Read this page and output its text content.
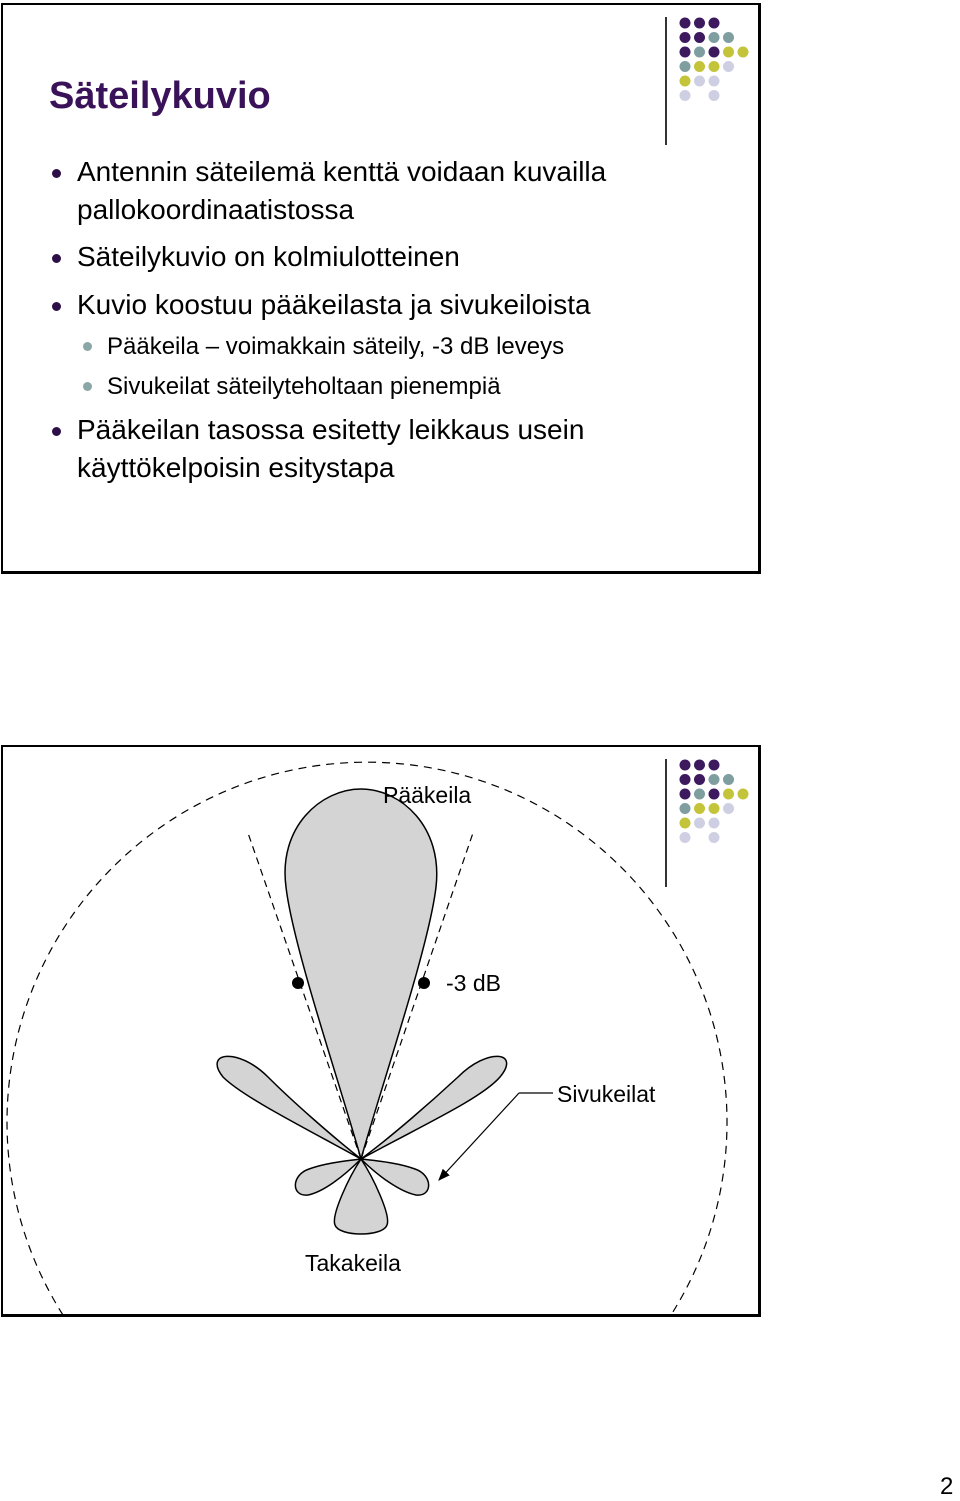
Säteilykuvio
Antennin säteilemä kenttä voidaan kuvailla
pallokoordinaatistossa
Säteilykuvio on kolmiulotteinen
Kuvio koostuu pääkeilasta ja sivukeiloista
Pääkeila – voimakkain säteily, -3 dB leveys
Sivukeilat säteilyteholtaan pienempiä
Pääkeilan tasossa esitetty leikkaus usein
käyttökelpoisin esitystapa
Pääkeila
-3 dB
Sivukeilat
Takakeila
2
